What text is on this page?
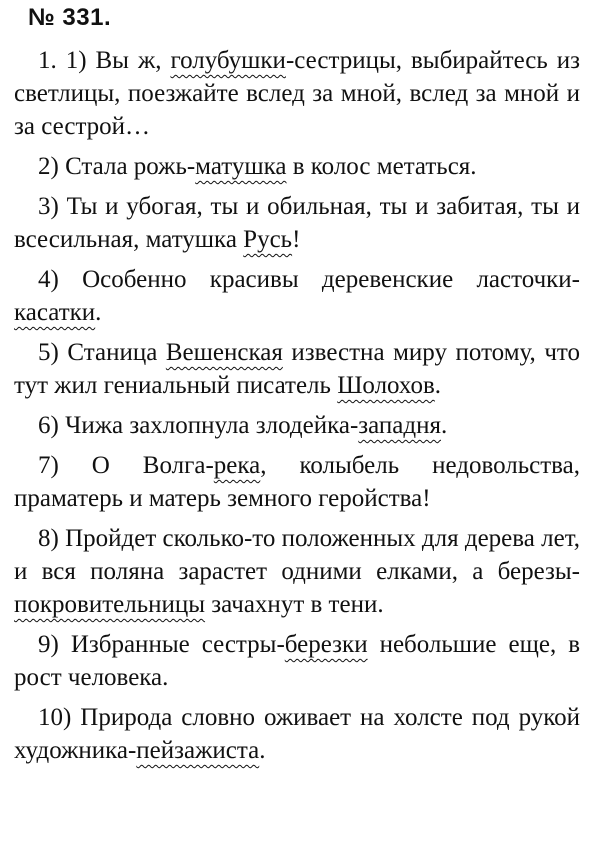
№ 331.

1. 1) Вы ж, голубушки-сестрицы, выбирайтесь из светлицы, поезжайте вслед за мной, вслед за мной и за сестрой…

2) Стала рожь-матушка в колос метаться.

3) Ты и убогая, ты и обильная, ты и забитая, ты и всесильная, матушка Русь!

4) Особенно красивы деревенские ласточки-касатки.

5) Станица Вешенская известна миру потому, что тут жил гениальный писатель Шолохов.

6) Чижа захлопнула злодейка-западня.

7) О Волга-река, колыбель недовольства, праматерь и матерь земного геройства!

8) Пройдет сколько-то положенных для дерева лет, и вся поляна зарастет одними елками, а березы-покровительницы зачахнут в тени.

9) Избранные сестры-березки небольшие еще, в рост человека.

10) Природа словно оживает на холсте под рукой художника-пейзажиста.
